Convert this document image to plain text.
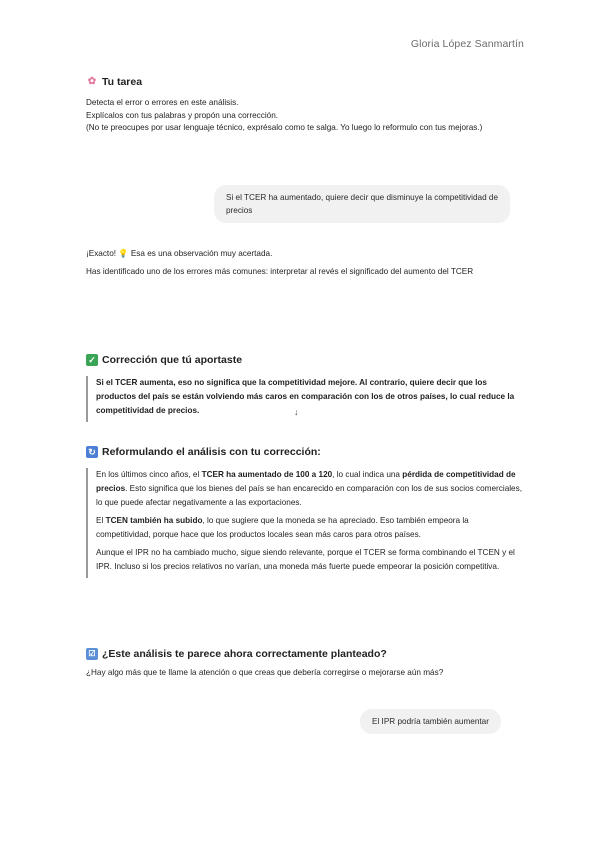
Gloria López Sanmartín
✿ Tu tarea

Detecta el error o errores en este análisis.

Explícalos con tus palabras y propón una corrección.

(No te preocupes por usar lenguaje técnico, exprésalo como te salga. Yo luego lo reformulo con tus mejoras.)

Si el TCER ha aumentado, quiere decir que disminuye la competitividad de precios

¡Exacto! 💡 Esa es una observación muy acertada.

Has identificado uno de los errores más comunes: interpretar al revés el significado del aumento del TCER

✓ Corrección que tú aportaste

Si el TCER aumenta, eso no significa que la competitividad mejore. Al contrario, quiere decir que los productos del país se están volviendo más caros en comparación con los de otros países, lo cual reduce la competitividad de precios.	↓
↻ Reformulando el análisis con tu corrección:

En los últimos cinco años, el TCER ha aumentado de 100 a 120, lo cual indica una pérdida de competitividad de precios. Esto significa que los bienes del país se han encarecido en comparación con los de sus socios comerciales, lo que puede afectar negativamente a las exportaciones.

El TCEN también ha subido, lo que sugiere que la moneda se ha apreciado. Eso también empeora la competitividad, porque hace que los productos locales sean más caros para otros países.

Aunque el IPR no ha cambiado mucho, sigue siendo relevante, porque el TCER se forma combinando el TCEN y el IPR. Incluso si los precios relativos no varían, una moneda más fuerte puede empeorar la posición competitiva.

☑ ¿Este análisis te parece ahora correctamente planteado?

¿Hay algo más que te llame la atención o que creas que debería corregirse o mejorarse aún más?

El IPR podría también aumentar
